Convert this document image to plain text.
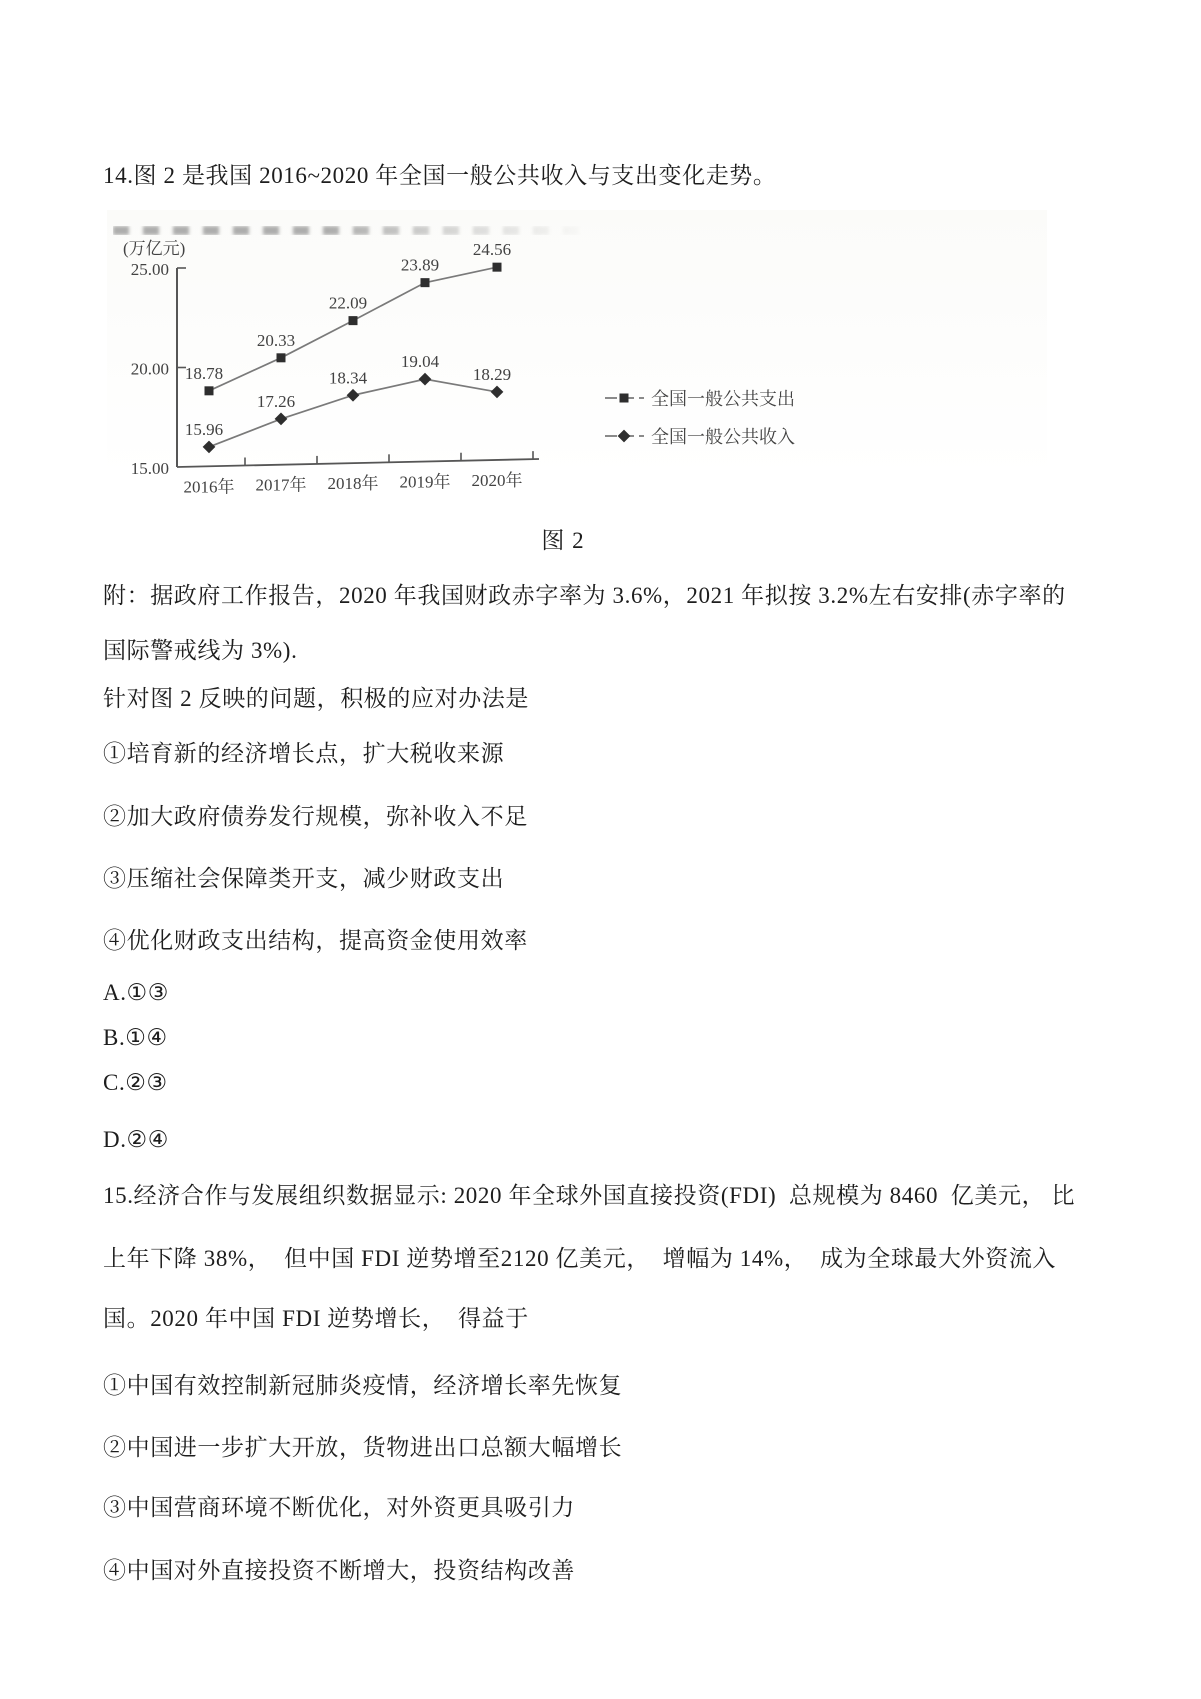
14.图 2 是我国 2016~2020 年全国一般公共收入与支出变化走势。
(万亿元)
25.00
20.00
15.00
2016年 2017年 2018年 2019年 2020年
18.78
20.33
22.09
23.89
24.56
15.96
17.26
18.34
19.04
18.29
全国一般公共支出
全国一般公共收入
图 2
附：据政府工作报告，2020 年我国财政赤字率为 3.6%，2021 年拟按 3.2%左右安排(赤字率的
国际警戒线为 3%).
针对图 2 反映的问题，积极的应对办法是
①培育新的经济增长点，扩大税收来源
②加大政府债券发行规模，弥补收入不足
③压缩社会保障类开支，减少财政支出
④优化财政支出结构，提高资金使用效率
A.①③
B.①④
C.②③
D.②④
15.经济合作与发展组织数据显示: 2020 年全球外国直接投资(FDI)  总规模为 8460  亿美元， 比
上年下降 38%，  但中国 FDI 逆势增至2120 亿美元，  增幅为 14%，  成为全球最大外资流入
国。2020 年中国 FDI 逆势增长，  得益于
①中国有效控制新冠肺炎疫情，经济增长率先恢复
②中国进一步扩大开放，货物进出口总额大幅增长
③中国营商环境不断优化，对外资更具吸引力
④中国对外直接投资不断增大，投资结构改善
